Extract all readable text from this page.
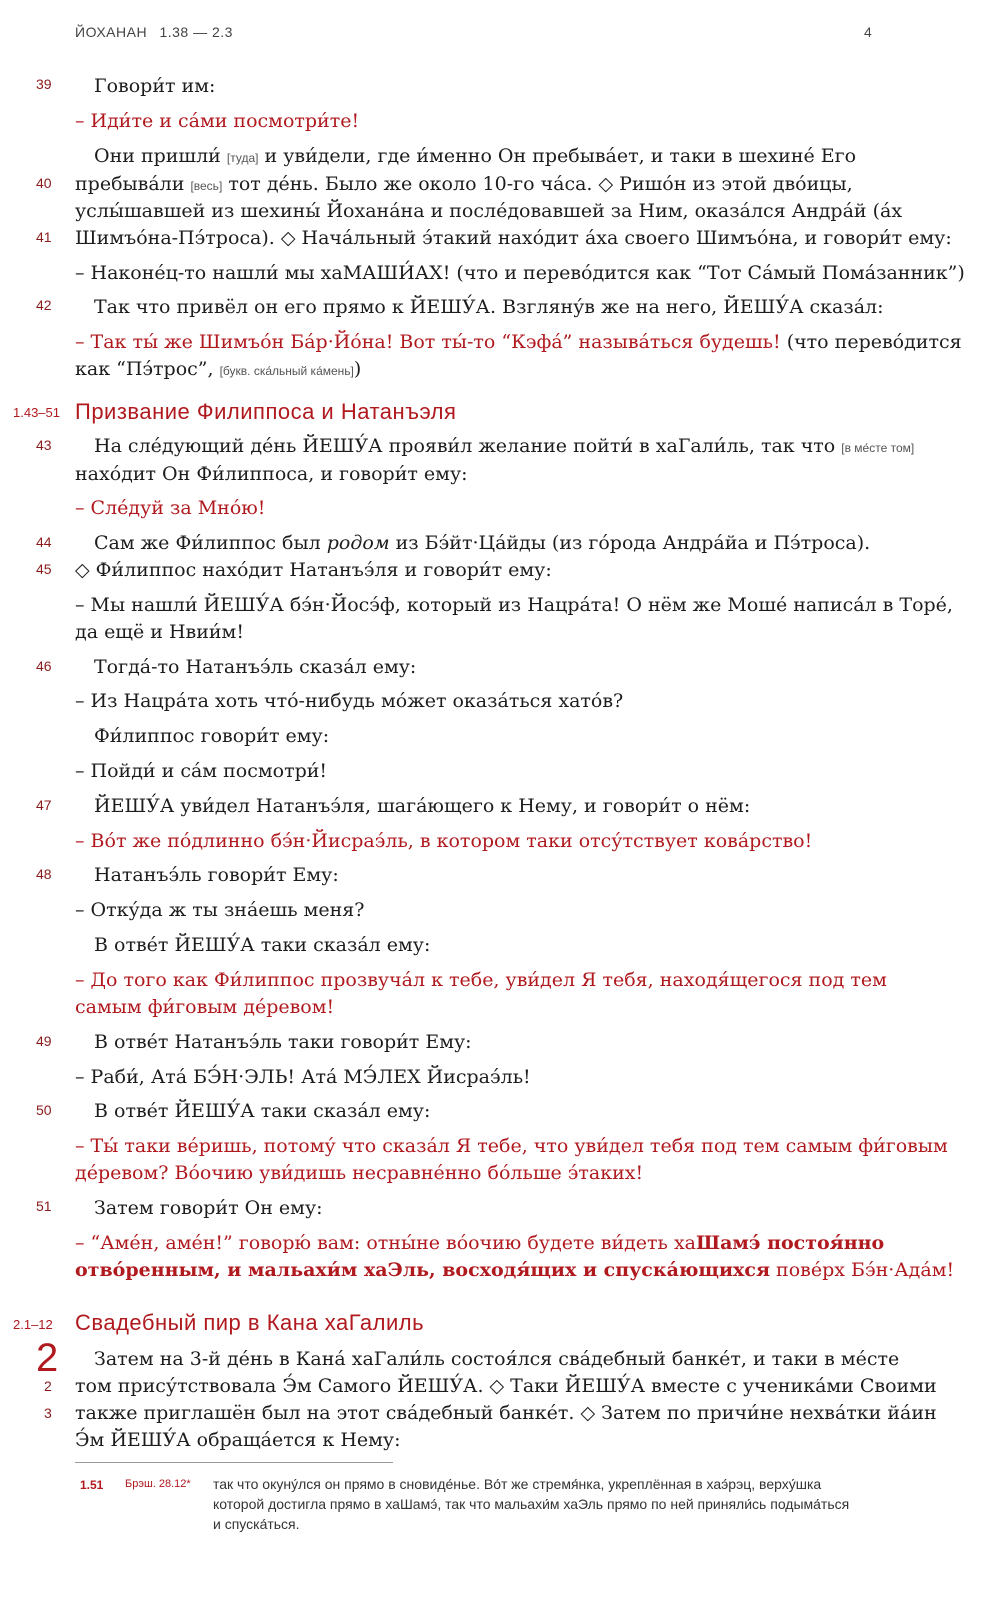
ЙОХАНАН 1.38 — 2.3	4
39
40
41
42
43
44
45
46
47
48
49
50
51
2
3
Говори́т им:
– Иди́те и са́ми посмотри́те!
Они пришли́ [туда] и уви́дели, где и́менно Он пребыва́ет, и таки в шехине́ Его
пребыва́ли [весь] тот де́нь. Было же около 10-го ча́са. ◇ Ришо́н из этой дво́ицы,
услы́шавшей из шехины́ Йохана́на и после́довавшей за Ним, оказа́лся Андра́й (а́х
Шимъо́на-Пэ́троса). ◇ Нача́льный э́такий нахо́дит а́ха своего Шимъо́на, и говори́т ему:
– Наконе́ц-то нашли́ мы хаМАШИ́АХ! (что и перево́дится как “Тот Са́мый Пома́занник”)
Так что привёл он его прямо к ЙЕШУ́А. Взгляну́в же на него, ЙЕШУ́А сказа́л:
– Так ты́ же Шимъо́н Ба́р·Йо́на! Вот ты́-то “Кэфа́” называ́ться будешь! (что перево́дится
как “Пэ́трос”, [букв. ска́льный ка́мень])
1.43–51 Призвание Филиппоса и Натанъэля
На сле́дующий де́нь ЙЕШУ́А прояви́л желание пойти́ в хаГали́ль, так что [в ме́сте том]
нахо́дит Он Фи́липпоса, и говори́т ему:
– Сле́дуй за Мно́ю!
Сам же Фи́липпос был родом из Бэ́йт·Ца́йды (из го́рода Андра́йа и Пэ́троса).
◇ Фи́липпос нахо́дит Натанъэ́ля и говори́т ему:
– Мы нашли́ ЙЕШУ́А бэ́н·Йосэ́ф, который из Нацра́та! О нём же Моше́ написа́л в Торе́,
да ещё и Нвии́м!
Тогда́-то Натанъэ́ль сказа́л ему:
– Из Нацра́та хоть что́-нибудь мо́жет оказа́ться хато́в?
Фи́липпос говори́т ему:
– Пойди́ и са́м посмотри́!
ЙЕШУ́А уви́дел Натанъэ́ля, шага́ющего к Нему, и говори́т о нём:
– Во́т же по́длинно бэ́н·Йисраэ́ль, в котором таки отсу́тствует кова́рство!
Натанъэ́ль говори́т Ему:
– Отку́да ж ты зна́ешь меня?
В отве́т ЙЕШУ́А таки сказа́л ему:
– До того как Фи́липпос прозвуча́л к тебе, уви́дел Я тебя, находя́щегося под тем
самым фи́говым де́ревом!
В отве́т Натанъэ́ль таки говори́т Ему:
– Раби́, Ата́ БЭ́Н·ЭЛЬ! Ата́ МЭ́ЛЕХ Йисраэ́ль!
В отве́т ЙЕШУ́А таки сказа́л ему:
– Ты́ таки ве́ришь, потому́ что сказа́л Я тебе, что уви́дел тебя под тем самым фи́говым
де́ревом? Во́очию уви́дишь несравне́нно бо́льше э́таких!
Затем говори́т Он ему:
– “Аме́н, аме́н!” говорю́ вам: отны́не во́очию будете ви́деть хаШамэ́ постоя́нно
отво́ренным, и мальахи́м хаЭль, восходя́щих и спуска́ющихся пове́рх Бэ́н·Ада́м!
2.1–12 Свадебный пир в Кана хаГалиль
2 Затем на 3-й де́нь в Кана́ хаГали́ль состоя́лся сва́дебный банке́т, и таки в ме́сте
том прису́тствовала Э́м Самого ЙЕШУ́А. ◇ Таки ЙЕШУ́А вместе с ученика́ми Своими
также приглашён был на этот сва́дебный банке́т. ◇ Затем по причи́не нехва́тки йа́ин
Э́м ЙЕШУ́А обраща́ется к Нему:
1.51 Брэш. 28.12* так что окуну́лся он прямо в сновиде́нье. Во́т же стремя́нка, укреплённая в хаэ́рэц, верху́шка
которой достигла прямо в хаШамэ́, так что мальахи́м хаЭль прямо по ней приняли́сь подыма́ться
и спуска́ться.
